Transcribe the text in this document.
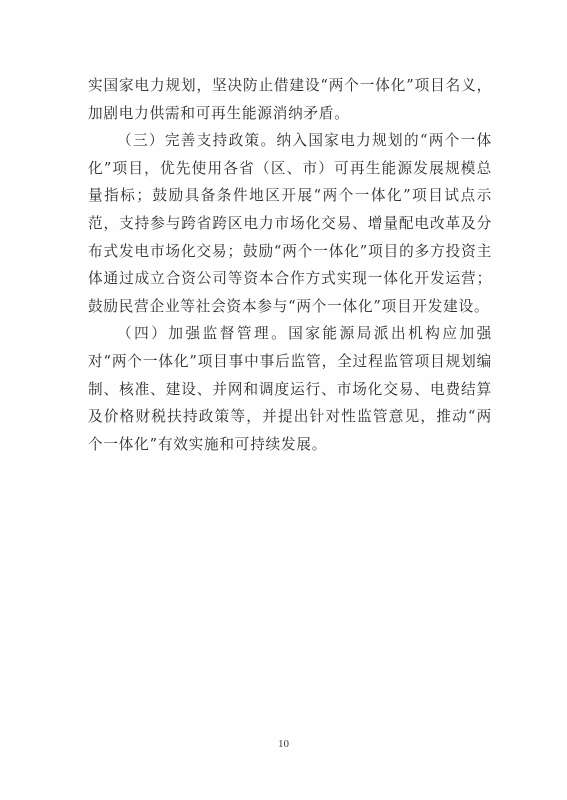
实国家电力规划，坚决防止借建设“两个一体化”项目名义，加剧电力供需和可再生能源消纳矛盾。

（三）完善支持政策。纳入国家电力规划的“两个一体化”项目，优先使用各省（区、市）可再生能源发展规模总量指标；鼓励具备条件地区开展“两个一体化”项目试点示范，支持参与跨省跨区电力市场化交易、增量配电改革及分布式发电市场化交易；鼓励“两个一体化”项目的多方投资主体通过成立合资公司等资本合作方式实现一体化开发运营；鼓励民营企业等社会资本参与“两个一体化”项目开发建设。

（四）加强监督管理。国家能源局派出机构应加强对“两个一体化”项目事中事后监管，全过程监管项目规划编制、核准、建设、并网和调度运行、市场化交易、电费结算及价格财税扶持政策等，并提出针对性监管意见，推动“两个一体化”有效实施和可持续发展。

10
